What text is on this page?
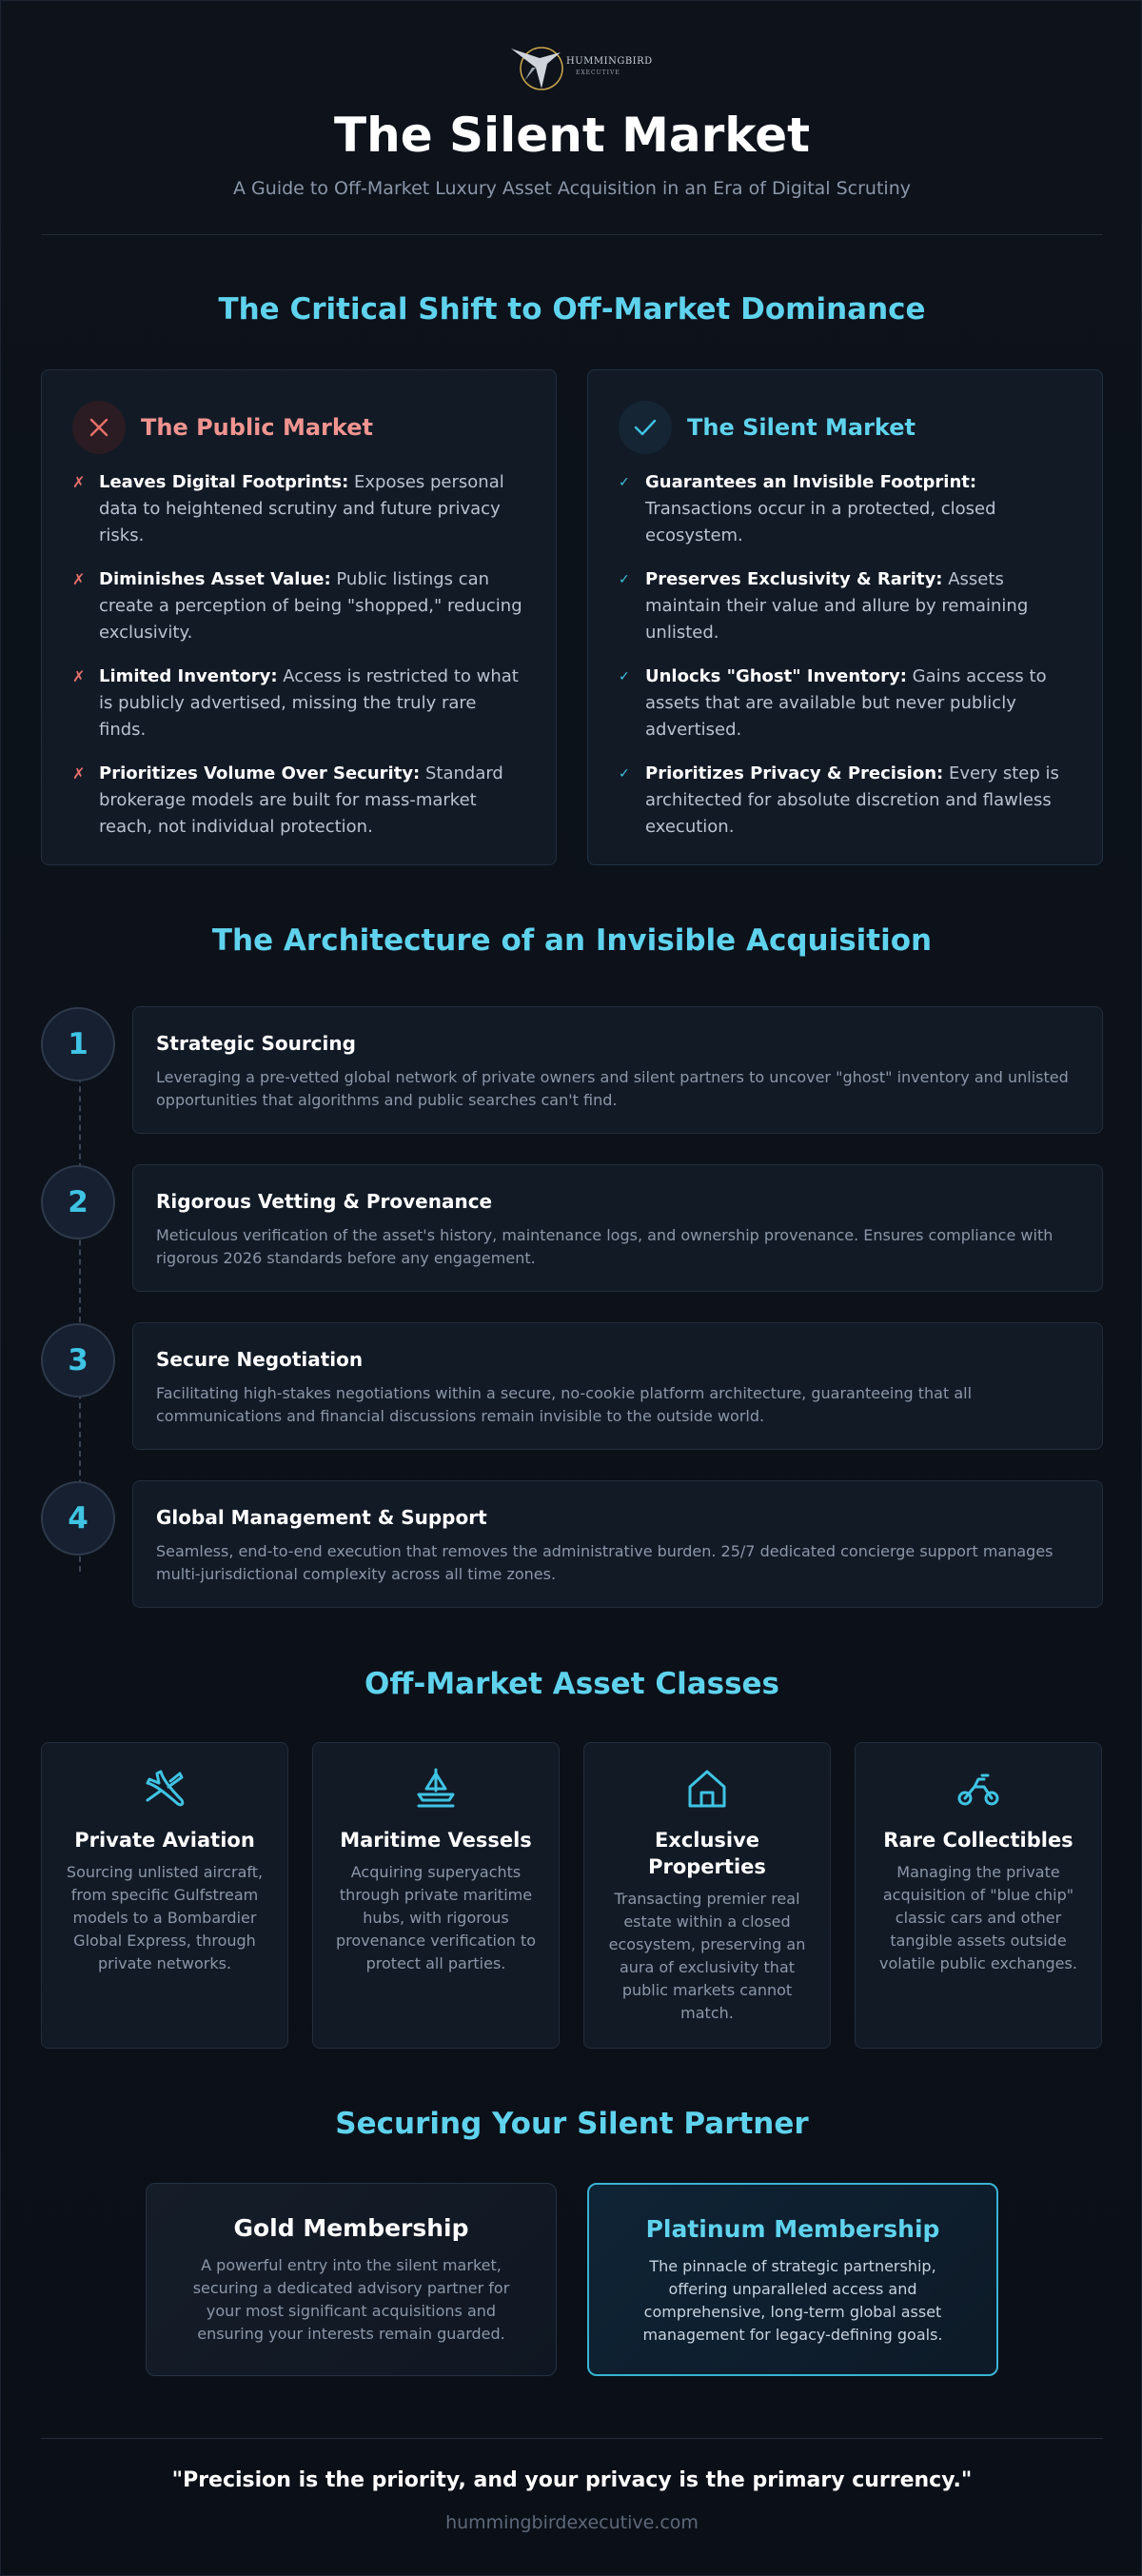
HUMMINGBIRD
EXECUTIVE
The Silent Market
A Guide to Off-Market Luxury Asset Acquisition in an Era of Digital Scrutiny
The Critical Shift to Off-Market Dominance
The Public Market
✗ Leaves Digital Footprints: Exposes personal data to heightened scrutiny and future privacy risks.
✗ Diminishes Asset Value: Public listings can create a perception of being "shopped," reducing exclusivity.
✗ Limited Inventory: Access is restricted to what is publicly advertised, missing the truly rare finds.
✗ Prioritizes Volume Over Security: Standard brokerage models are built for mass-market reach, not individual protection.
The Silent Market
✓ Guarantees an Invisible Footprint: Transactions occur in a protected, closed ecosystem.
✓ Preserves Exclusivity & Rarity: Assets maintain their value and allure by remaining unlisted.
✓ Unlocks "Ghost" Inventory: Gains access to assets that are available but never publicly advertised.
✓ Prioritizes Privacy & Precision: Every step is architected for absolute discretion and flawless execution.
The Architecture of an Invisible Acquisition
1	Strategic Sourcing
Leveraging a pre-vetted global network of private owners and silent partners to uncover "ghost" inventory and unlisted opportunities that algorithms and public searches can't find.
2	Rigorous Vetting & Provenance
Meticulous verification of the asset's history, maintenance logs, and ownership provenance. Ensures compliance with rigorous 2026 standards before any engagement.
3	Secure Negotiation
Facilitating high-stakes negotiations within a secure, no-cookie platform architecture, guaranteeing that all communications and financial discussions remain invisible to the outside world.
4	Global Management & Support
Seamless, end-to-end execution that removes the administrative burden. 25/7 dedicated concierge support manages multi-jurisdictional complexity across all time zones.
Off-Market Asset Classes
Private Aviation
Sourcing unlisted aircraft, from specific Gulfstream models to a Bombardier Global Express, through private networks.
Maritime Vessels
Acquiring superyachts through private maritime hubs, with rigorous provenance verification to protect all parties.
Exclusive Properties
Transacting premier real estate within a closed ecosystem, preserving an aura of exclusivity that public markets cannot match.
Rare Collectibles
Managing the private acquisition of "blue chip" classic cars and other tangible assets outside volatile public exchanges.
Securing Your Silent Partner
Gold Membership
A powerful entry into the silent market, securing a dedicated advisory partner for your most significant acquisitions and ensuring your interests remain guarded.
Platinum Membership
The pinnacle of strategic partnership, offering unparalleled access and comprehensive, long-term global asset management for legacy-defining goals.
"Precision is the priority, and your privacy is the primary currency."
hummingbirdexecutive.com
